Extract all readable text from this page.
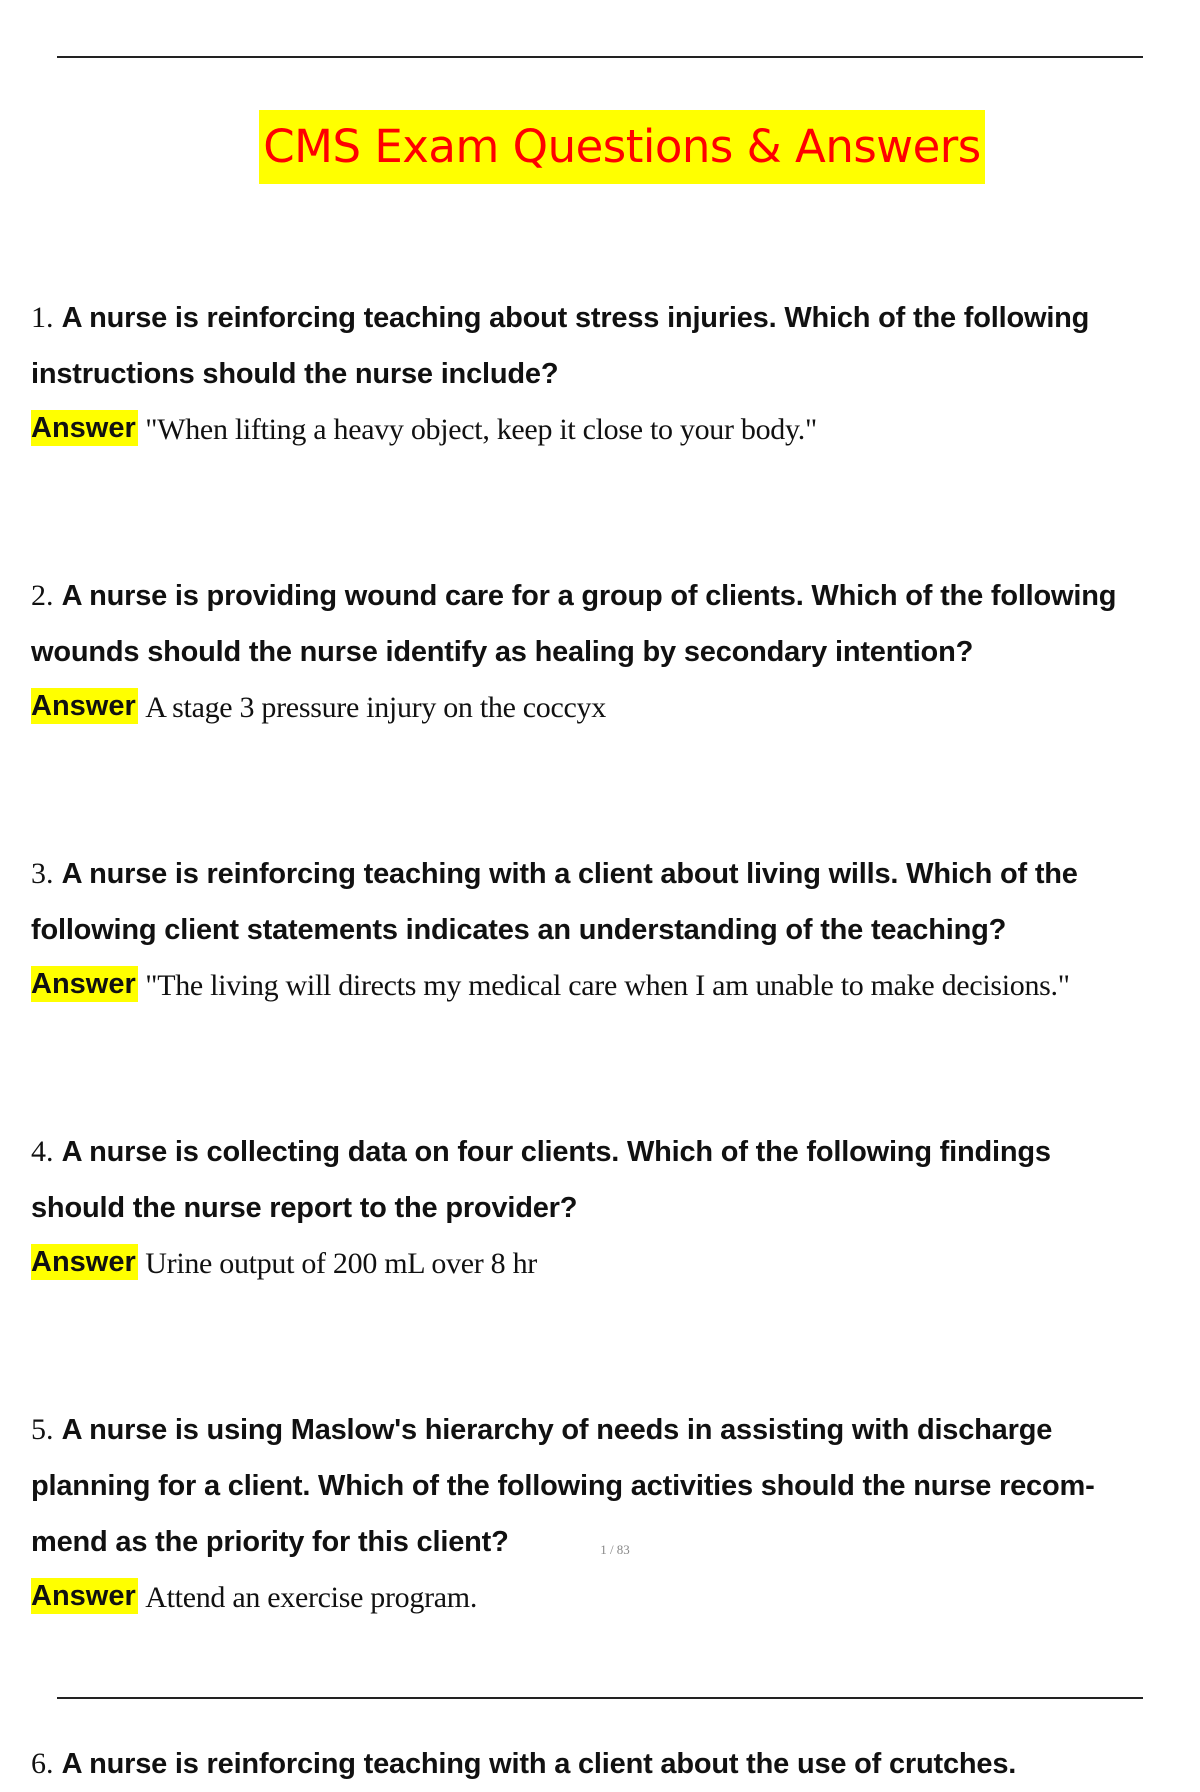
CMS Exam Questions & Answers
1. A nurse is reinforcing teaching about stress injuries. Which of the following
instructions should the nurse include?
Answer "When lifting a heavy object, keep it close to your body."
2. A nurse is providing wound care for a group of clients. Which of the following
wounds should the nurse identify as healing by secondary intention?
Answer A stage 3 pressure injury on the coccyx
3. A nurse is reinforcing teaching with a client about living wills. Which of the
following client statements indicates an understanding of the teaching?
Answer "The living will directs my medical care when I am unable to make decisions."
4. A nurse is collecting data on four clients. Which of the following findings
should the nurse report to the provider?
Answer Urine output of 200 mL over 8 hr
5. A nurse is using Maslow's hierarchy of needs in assisting with discharge
planning for a client. Which of the following activities should the nurse recom-
mend as the priority for this client?
Answer Attend an exercise program.
6. A nurse is reinforcing teaching with a client about the use of crutches.
1 / 83
